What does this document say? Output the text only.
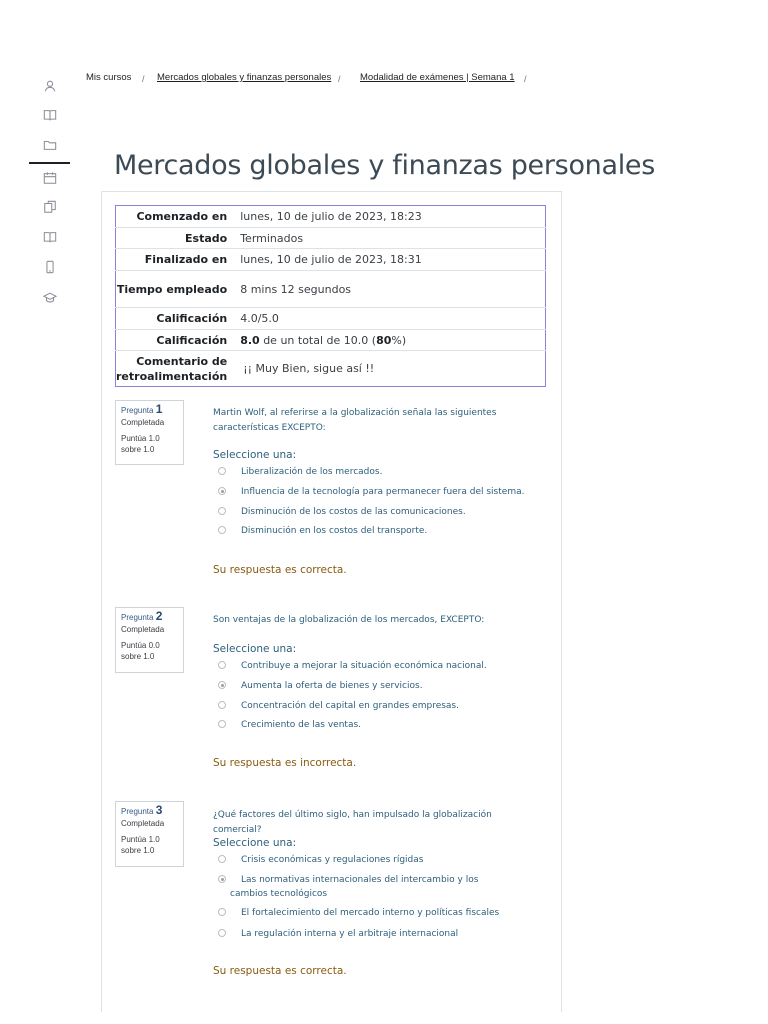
Mis cursos / Mercados globales y finanzas personales / Modalidad de exámenes | Semana 1 /
Mercados globales y finanzas personales
Comenzado en	lunes, 10 de julio de 2023, 18:23
Estado	Terminados
Finalizado en	lunes, 10 de julio de 2023, 18:31
Tiempo empleado	8 mins 12 segundos
Calificación	4.0/5.0
Calificación	8.0 de un total de 10.0 (80%)
Comentario de retroalimentación	¡¡ Muy Bien, sigue así !!
Pregunta 1
Completada
Puntúa 1.0 sobre 1.0
Martin Wolf, al referirse a la globalización señala las siguientes características EXCEPTO:
Seleccione una:
Liberalización de los mercados.
Influencia de la tecnología para permanecer fuera del sistema.
Disminución de los costos de las comunicaciones.
Disminución en los costos del transporte.
Su respuesta es correcta.
Pregunta 2
Completada
Puntúa 0.0 sobre 1.0
Son ventajas de la globalización de los mercados, EXCEPTO:
Seleccione una:
Contribuye a mejorar la situación económica nacional.
Aumenta la oferta de bienes y servicios.
Concentración del capital en grandes empresas.
Crecimiento de las ventas.
Su respuesta es incorrecta.
Pregunta 3
Completada
Puntúa 1.0 sobre 1.0
¿Qué factores del último siglo, han impulsado la globalización comercial?
Seleccione una:
Crisis económicas y regulaciones rígidas
Las normativas internacionales del intercambio y los cambios tecnológicos
El fortalecimiento del mercado interno y políticas fiscales
La regulación interna y el arbitraje internacional
Su respuesta es correcta.
